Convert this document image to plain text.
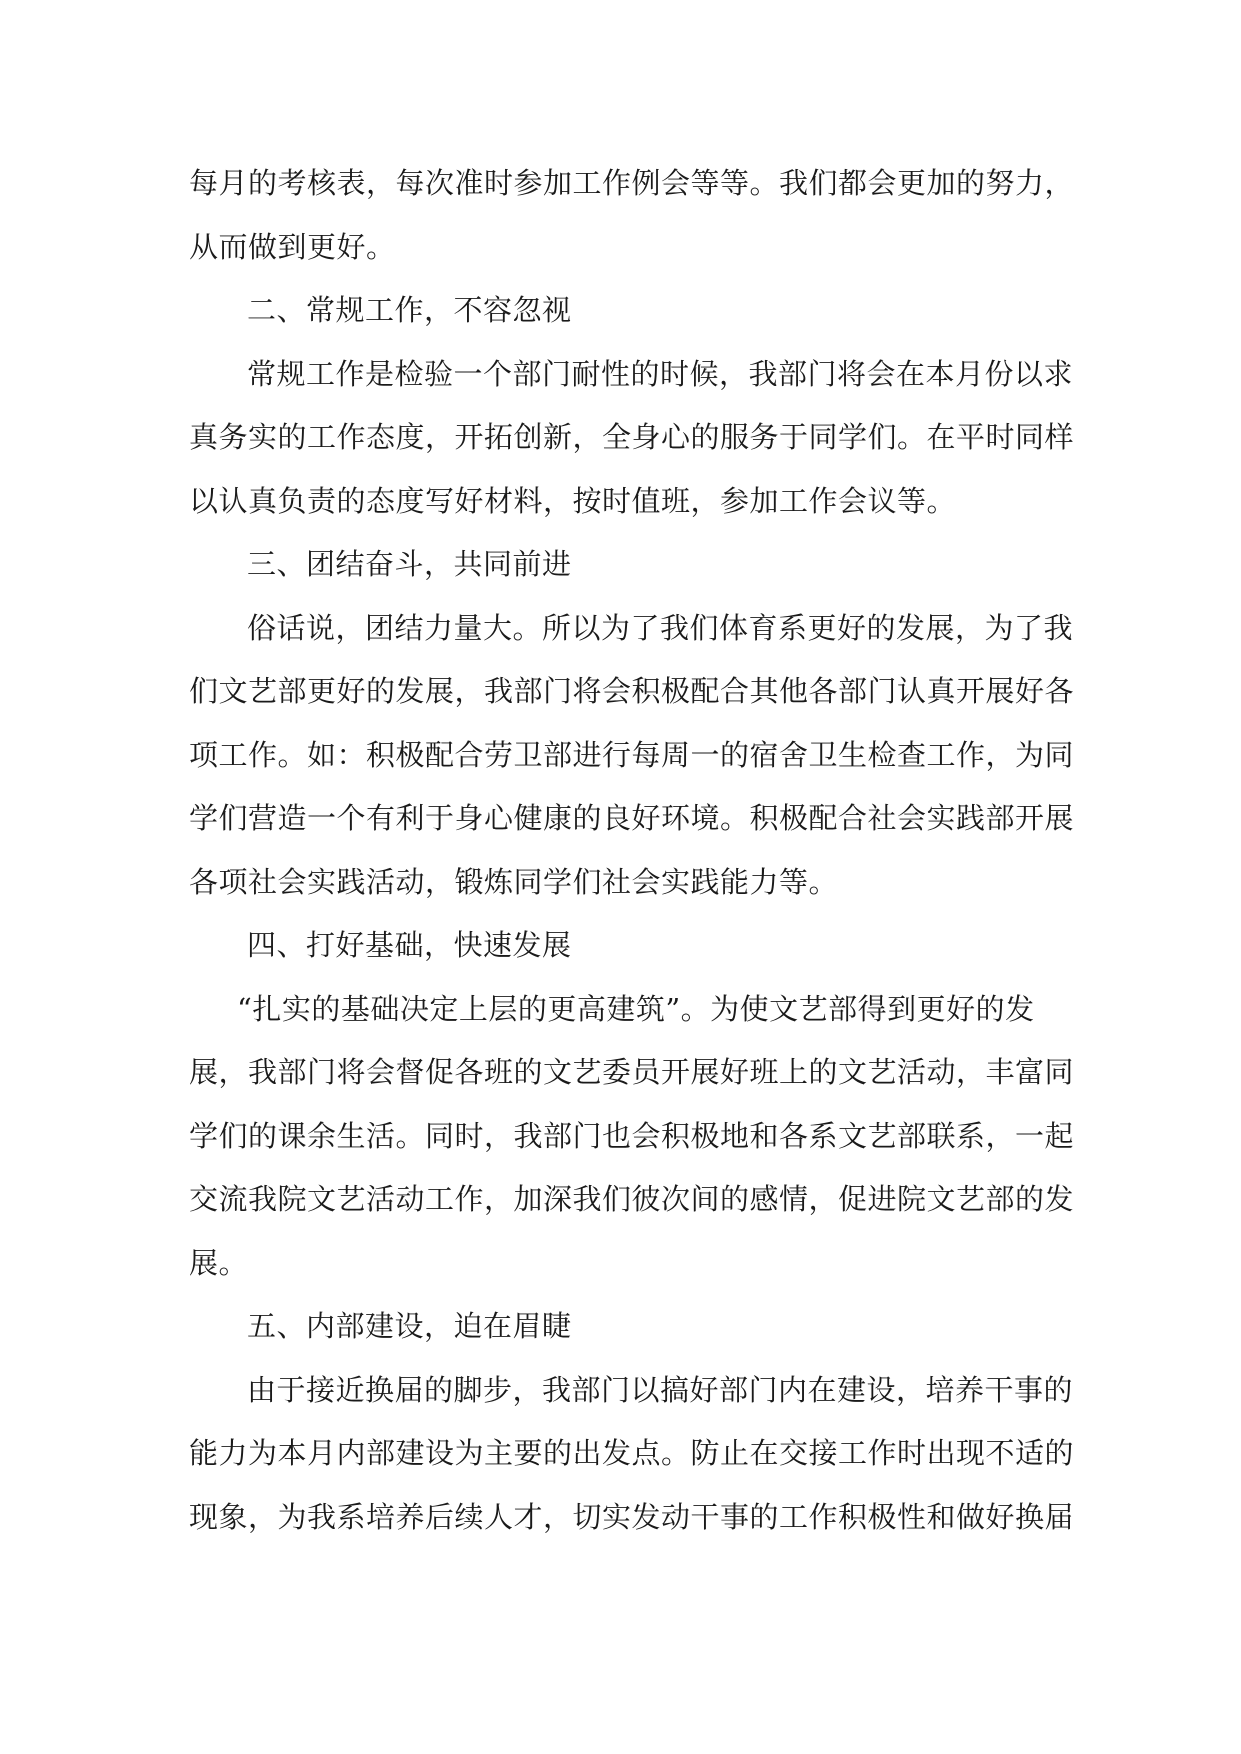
每月的考核表，每次准时参加工作例会等等。我们都会更加的努力，
从而做到更好。
二、常规工作，不容忽视
常规工作是检验一个部门耐性的时候，我部门将会在本月份以求
真务实的工作态度，开拓创新，全身心的服务于同学们。在平时同样
以认真负责的态度写好材料，按时值班，参加工作会议等。
三、团结奋斗，共同前进
俗话说，团结力量大。所以为了我们体育系更好的发展，为了我
们文艺部更好的发展，我部门将会积极配合其他各部门认真开展好各
项工作。如：积极配合劳卫部进行每周一的宿舍卫生检查工作，为同
学们营造一个有利于身心健康的良好环境。积极配合社会实践部开展
各项社会实践活动，锻炼同学们社会实践能力等。
四、打好基础，快速发展
“扎实的基础决定上层的更高建筑”。为使文艺部得到更好的发
展，我部门将会督促各班的文艺委员开展好班上的文艺活动，丰富同
学们的课余生活。同时，我部门也会积极地和各系文艺部联系，一起
交流我院文艺活动工作，加深我们彼次间的感情，促进院文艺部的发
展。
五、内部建设，迫在眉睫
由于接近换届的脚步，我部门以搞好部门内在建设，培养干事的
能力为本月内部建设为主要的出发点。防止在交接工作时出现不适的
现象，为我系培养后续人才，切实发动干事的工作积极性和做好换届
